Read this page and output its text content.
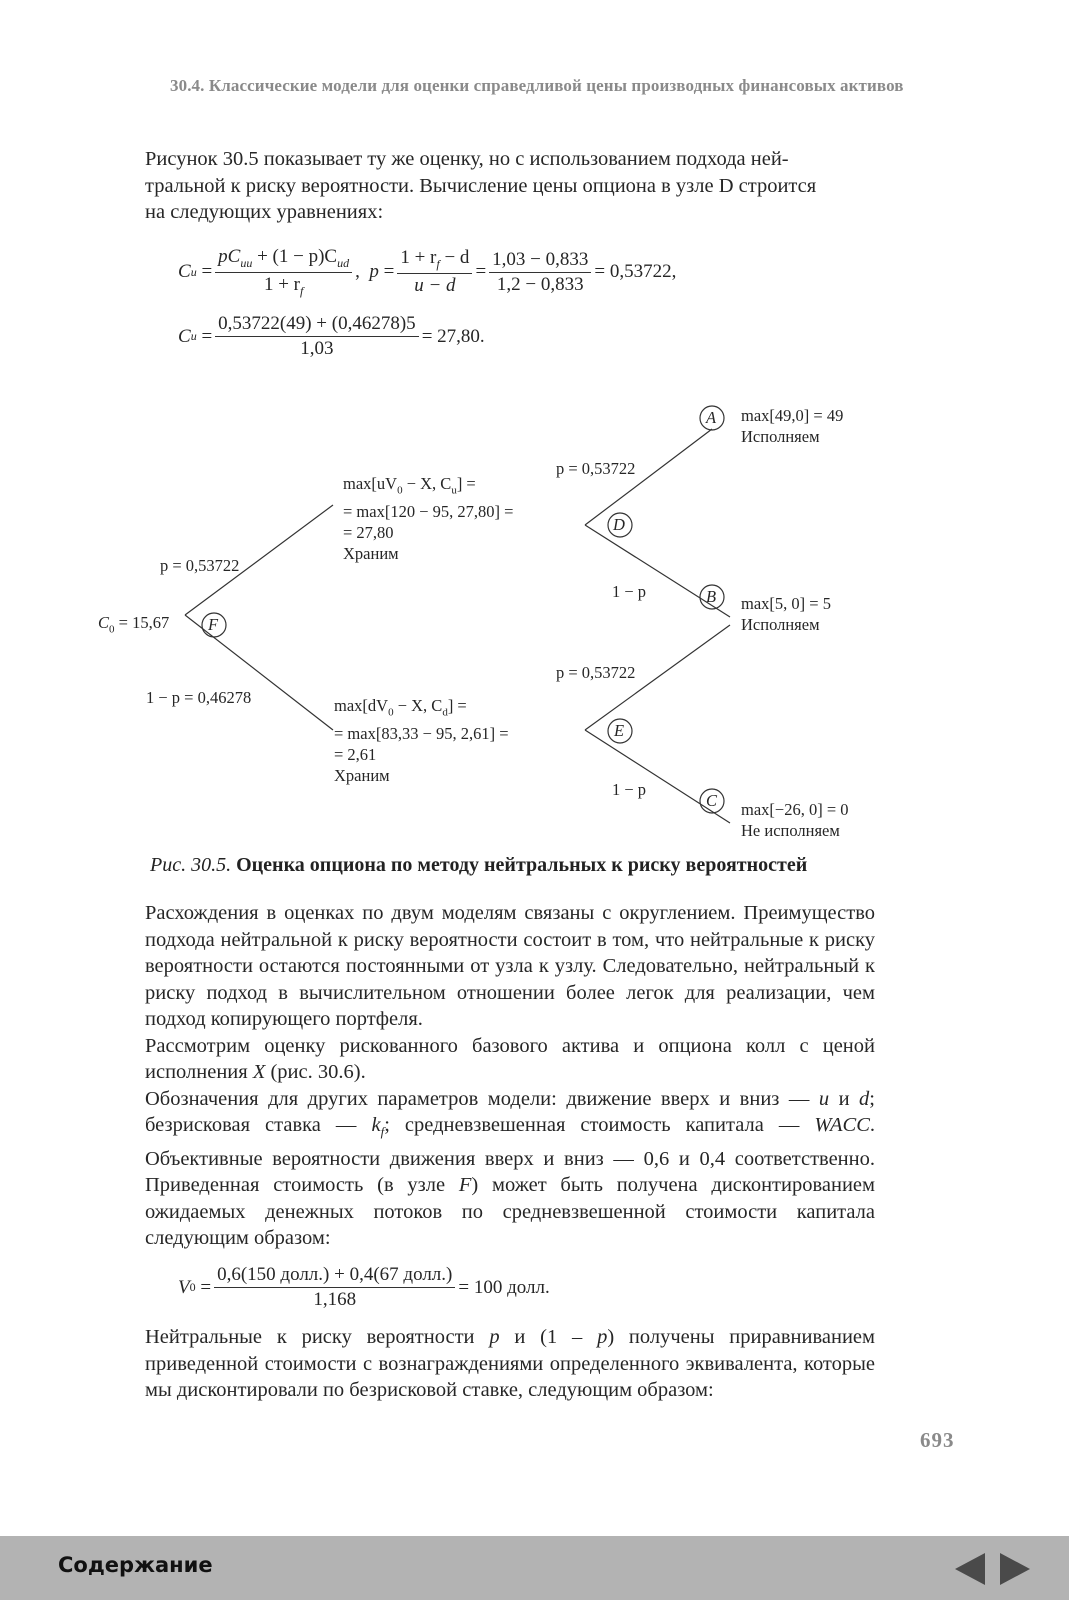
30.4. Классические модели для оценки справедливой цены производных финансовых активов

Рисунок 30.5 показывает ту же оценку, но с использованием подхода ней-

тральной к риску вероятности. Вычисление цены опциона в узле D строится

на следующих уравнениях:

C $u = \frac{pC_{uu} + (1 - p)C_{ud}}{1 + r_f}$ , $p = \frac{1 + r_f - d}{u - d} = \frac{1,03 - 0,833}{1,2 - 0,833} = 0,53722$,
C $u = \frac{0,53722(49) + (0,46278)5}{1,03} = 27,80$.
F
D
E
A
B
C
$C_0 = 15,67$
p = 0,53722
1 − p = 0,46278
p = 0,53722
1 − p
p = 0,53722
1 − p
$\max[uV_0 - X$, $C_u$] =
= max[120 − 95, 27,80] =
= 27,80
Храним
$\max[dV_0 - X$, $C_d$] =
= max[83,33 − 95, 2,61] =
= 2,61
Храним
max[49,0] = 49
Исполняем
max[5, 0] = 5
Исполняем
max[−26, 0] = 0
Не исполняем
Рис. 30.5. Оценка опциона по методу нейтральных к риску вероятностей

Расхождения в оценках по двум моделям связаны с округлением. Преимущество подхода нейтральной к риску вероятности состоит в том, что нейтральные к риску вероятности остаются постоянными от узла к узлу. Следовательно, нейтральный к риску подход в вычислительном отношении более легок для реализации, чем подход копирующего портфеля.

Рассмотрим оценку рискованного базового актива и опциона колл с ценой исполнения X (рис. 30.6).

Обозначения для других параметров модели: движение вверх и вниз — u и d; безрисковая ставка — $k_f$; средневзвешенная стоимость капитала — WACC. Объективные вероятности движения вверх и вниз — 0,6 и 0,4 соответственно. Приведенная стоимость (в узле F) может быть получена дисконтированием ожидаемых денежных потоков по средневзвешенной стоимости капитала следующим образом:

V $0 = \frac{\text{0,6(150 долл.) + 0,4(67 долл.)}}{1,168} = 100$ долл.

Нейтральные к риску вероятности p и (1 – p) получены приравниванием приведенной стоимости с вознаграждениями определенного эквивалента, которые мы дисконтировали по безрисковой ставке, следующим образом:

693
Содержание
